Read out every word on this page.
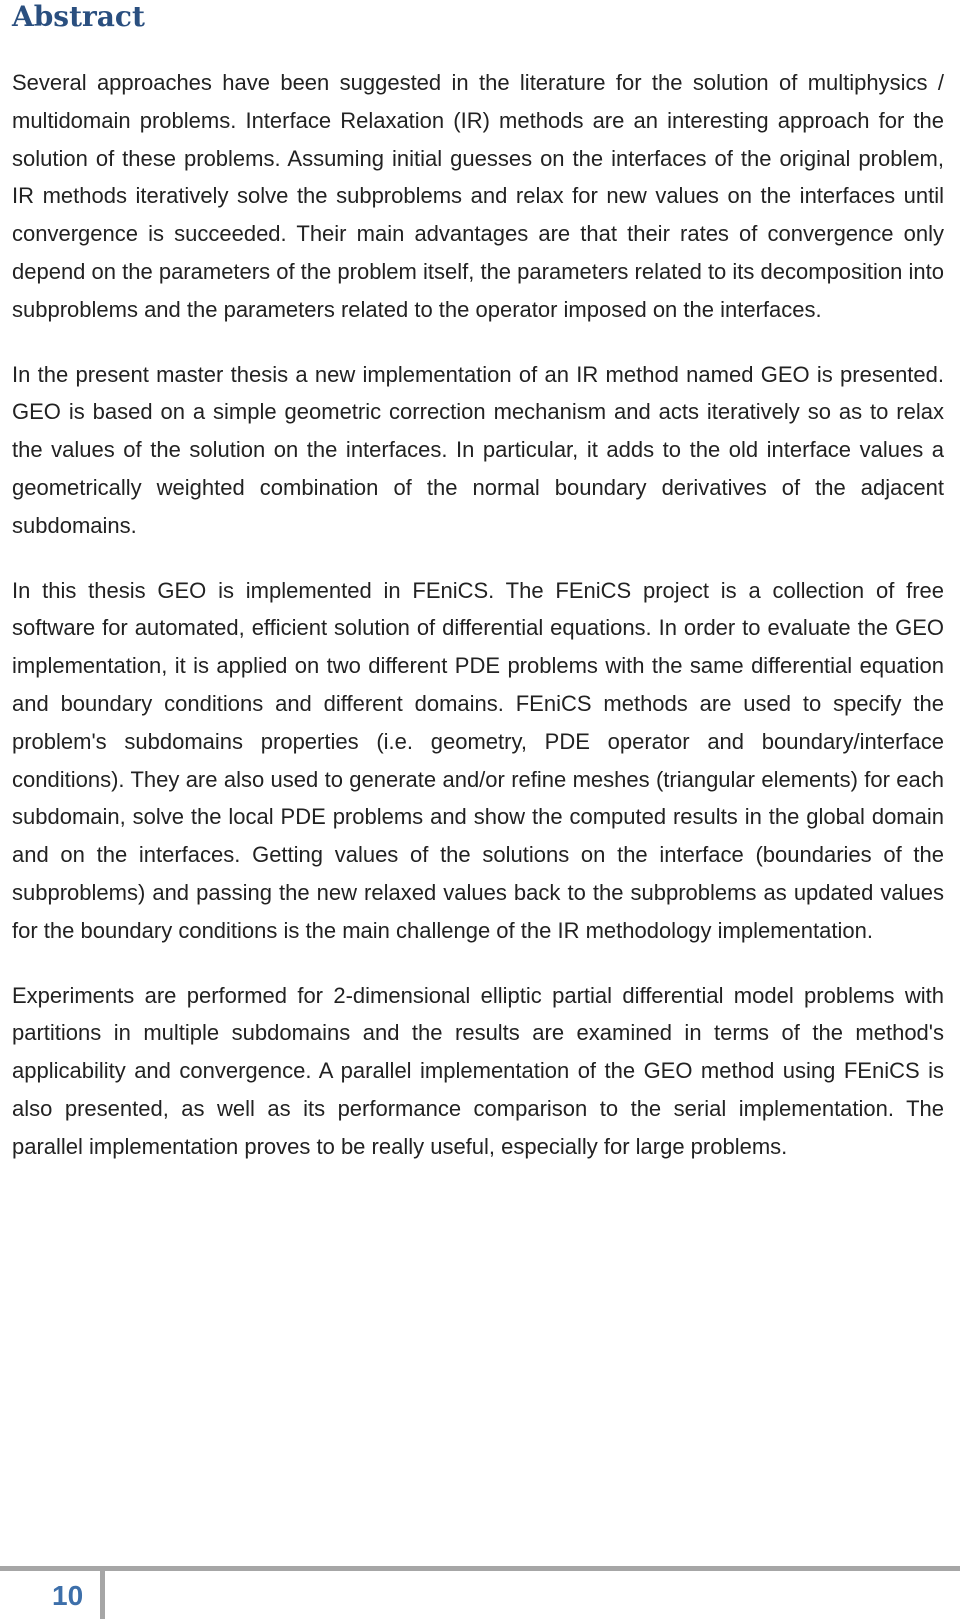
Abstract

Several approaches have been suggested in the literature for the solution of multiphysics / multidomain problems. Interface Relaxation (IR) methods are an interesting approach for the solution of these problems. Assuming initial guesses on the interfaces of the original problem, IR methods iteratively solve the subproblems and relax for new values on the interfaces until convergence is succeeded. Their main advantages are that their rates of convergence only depend on the parameters of the problem itself, the parameters related to its decomposition into subproblems and the parameters related to the operator imposed on the interfaces.

In the present master thesis a new implementation of an IR method named GEO is presented. GEO is based on a simple geometric correction mechanism and acts iteratively so as to relax the values of the solution on the interfaces. In particular, it adds to the old interface values a geometrically weighted combination of the normal boundary derivatives of the adjacent subdomains.

In this thesis GEO is implemented in FEniCS. The FEniCS project is a collection of free software for automated, efficient solution of differential equations. In order to evaluate the GEO implementation, it is applied on two different PDE problems with the same differential equation and boundary conditions and different domains. FEniCS methods are used to specify the problem's subdomains properties (i.e. geometry, PDE operator and boundary/interface conditions). They are also used to generate and/or refine meshes (triangular elements) for each subdomain, solve the local PDE problems and show the computed results in the global domain and on the interfaces. Getting values of the solutions on the interface (boundaries of the subproblems) and passing the new relaxed values back to the subproblems as updated values for the boundary conditions is the main challenge of the IR methodology implementation.

Experiments are performed for 2-dimensional elliptic partial differential model problems with partitions in multiple subdomains and the results are examined in terms of the method's applicability and convergence. A parallel implementation of the GEO method using FEniCS is also presented, as well as its performance comparison to the serial implementation. The parallel implementation proves to be really useful, especially for large problems.

10
